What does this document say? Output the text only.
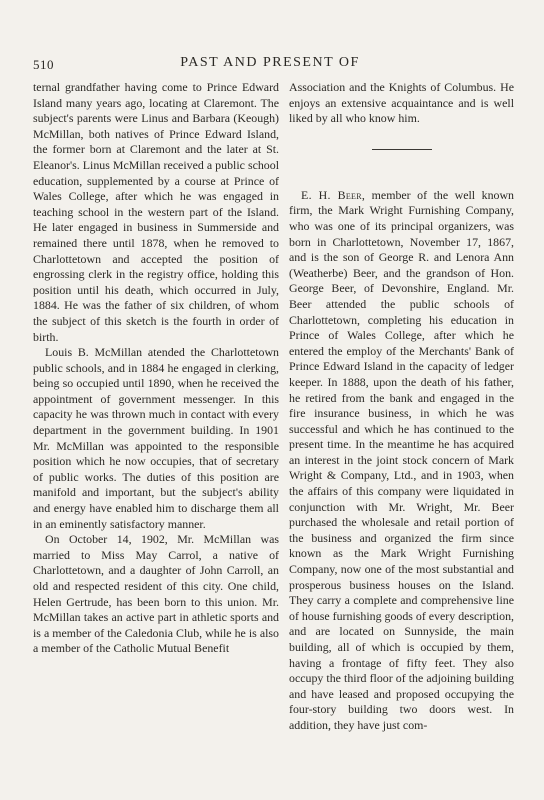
510	PAST AND PRESENT OF

ternal grandfather having come to Prince Edward Island many years ago, locating at Claremont. The subject's parents were Linus and Barbara (Keough) McMillan, both natives of Prince Edward Island, the former born at Claremont and the later at St. Eleanor's. Linus McMillan received a public school education, supplemented by a course at Prince of Wales College, after which he was engaged in teaching school in the western part of the Island. He later engaged in business in Summerside and remained there until 1878, when he removed to Charlottetown and accepted the position of engrossing clerk in the registry office, holding this position until his death, which occurred in July, 1884. He was the father of six children, of whom the subject of this sketch is the fourth in order of birth.

Louis B. McMillan atended the Charlottetown public schools, and in 1884 he engaged in clerking, being so occupied until 1890, when he received the appointment of government messenger. In this capacity he was thrown much in contact with every department in the government building. In 1901 Mr. McMillan was appointed to the responsible position which he now occupies, that of secretary of public works. The duties of this position are manifold and important, but the subject's ability and energy have enabled him to discharge them all in an eminently satisfactory manner.

On October 14, 1902, Mr. McMillan was married to Miss May Carrol, a native of Charlottetown, and a daughter of John Carroll, an old and respected resident of this city. One child, Helen Gertrude, has been born to this union. Mr. McMillan takes an active part in athletic sports and is a member of the Caledonia Club, while he is also a member of the Catholic Mutual Benefit

Association and the Knights of Columbus. He enjoys an extensive acquaintance and is well liked by all who know him.

E. H. Beer, member of the well known firm, the Mark Wright Furnishing Company, who was one of its principal organizers, was born in Charlottetown, November 17, 1867, and is the son of George R. and Lenora Ann (Weatherbe) Beer, and the grandson of Hon. George Beer, of Devonshire, England. Mr. Beer attended the public schools of Charlottetown, completing his education in Prince of Wales College, after which he entered the employ of the Merchants' Bank of Prince Edward Island in the capacity of ledger keeper. In 1888, upon the death of his father, he retired from the bank and engaged in the fire insurance business, in which he was successful and which he has continued to the present time. In the meantime he has acquired an interest in the joint stock concern of Mark Wright & Company, Ltd., and in 1903, when the affairs of this company were liquidated in conjunction with Mr. Wright, Mr. Beer purchased the wholesale and retail portion of the business and organized the firm since known as the Mark Wright Furnishing Company, now one of the most substantial and prosperous business houses on the Island. They carry a complete and comprehensive line of house furnishing goods of every description, and are located on Sunnyside, the main building, all of which is occupied by them, having a frontage of fifty feet. They also occupy the third floor of the adjoining building and have leased and proposed occupying the four-story building two doors west. In addition, they have just com-
